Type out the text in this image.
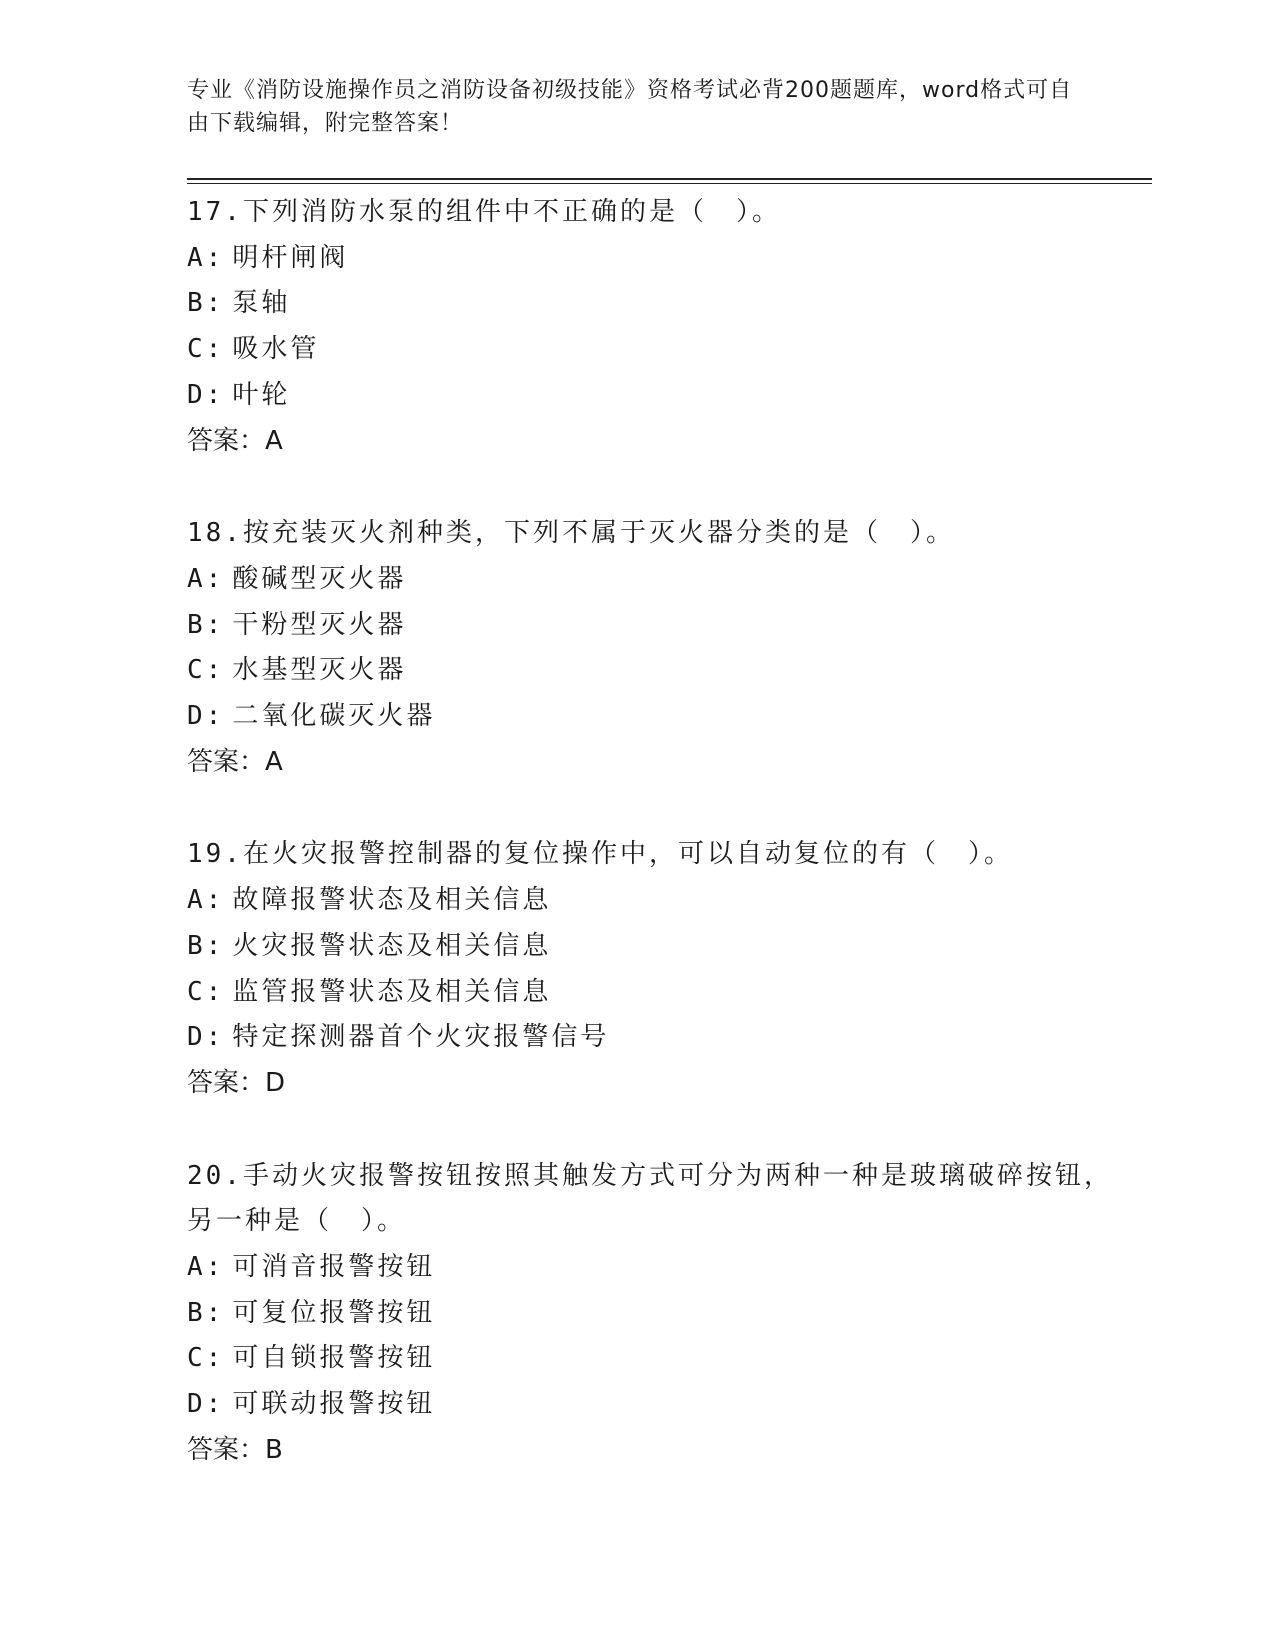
专业《消防设施操作员之消防设备初级技能》资格考试必背200题题库，word格式可自由下载编辑，附完整答案！

17.下列消防水泵的组件中不正确的是（　）。

A: 明杆闸阀

B: 泵轴

C: 吸水管

D: 叶轮

答案：A

18.按充装灭火剂种类，下列不属于灭火器分类的是（　）。

A: 酸碱型灭火器

B: 干粉型灭火器

C: 水基型灭火器

D: 二氧化碳灭火器

答案：A

19.在火灾报警控制器的复位操作中，可以自动复位的有（　）。

A: 故障报警状态及相关信息

B: 火灾报警状态及相关信息

C: 监管报警状态及相关信息

D: 特定探测器首个火灾报警信号

答案：D

20.手动火灾报警按钮按照其触发方式可分为两种一种是玻璃破碎按钮，另一种是（　）。

A: 可消音报警按钮

B: 可复位报警按钮

C: 可自锁报警按钮

D: 可联动报警按钮

答案：B
